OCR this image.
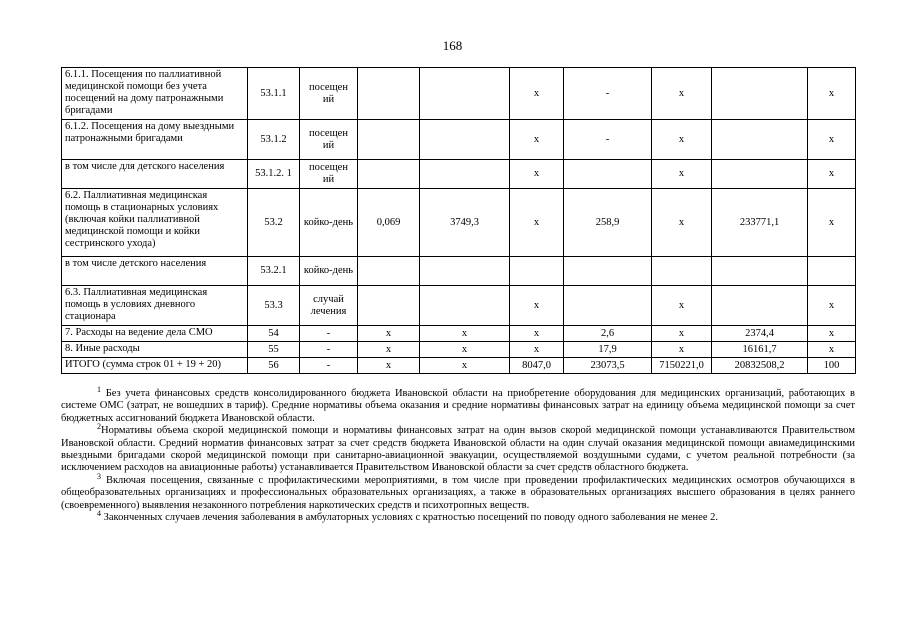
168
6.1.1. Посещения по паллиативной медицинской помощи без учета посещений на дому патронажными бригадами	53.1.1	посещен ий			х	-	х		х
6.1.2. Посещения на дому выездными патронажными бригадами	53.1.2	посещен ий			х	-	х		х
в том числе для детского населения	53.1.2. 1	посещен ий			х		х		х
6.2. Паллиативная медицинская помощь в стационарных условиях (включая койки паллиативной медицинской помощи и койки сестринского ухода)	53.2	койко-день	0,069	3749,3	х	258,9	х	233771,1	х
в том числе детского населения	53.2.1	койко-день							
6.3. Паллиативная медицинская помощь в условиях дневного стационара	53.3	случай лечения			х		х		х
7. Расходы на ведение дела СМО	54	-	х	х	х	2,6	х	2374,4	х
8. Иные расходы	55	-	х	х	х	17,9	х	16161,7	х
ИТОГО (сумма строк 01 + 19 + 20)	56	-	х	х	8047,0	23073,5	7150221,0	20832508,2	100

$^1$ Без учета финансовых средств консолидированного бюджета Ивановской области на приобретение оборудования для медицинских организаций, работающих в системе ОМС (затрат, не вошедших в тариф). Средние нормативы объема оказания и средние нормативы финансовых затрат на единицу объема медицинской помощи за счет бюджетных ассигнований бюджета Ивановской области.

$^2$Нормативы объема скорой медицинской помощи и нормативы финансовых затрат на один вызов скорой медицинской помощи устанавливаются Правительством Ивановской области. Средний норматив финансовых затрат за счет средств бюджета Ивановской области на один случай оказания медицинской помощи авиамедицинскими выездными бригадами скорой медицинской помощи при санитарно-авиационной эвакуации, осуществляемой воздушными судами, с учетом реальной потребности (за исключением расходов на авиационные работы) устанавливается Правительством Ивановской области за счет средств областного бюджета.

$^3$ Включая посещения, связанные с профилактическими мероприятиями, в том числе при проведении профилактических медицинских осмотров обучающихся в общеобразовательных организациях и профессиональных образовательных организациях, а также в образовательных организациях высшего образования в целях раннего (своевременного) выявления незаконного потребления наркотических средств и психотропных веществ.

$^4$ Законченных случаев лечения заболевания в амбулаторных условиях с кратностью посещений по поводу одного заболевания не менее 2.
